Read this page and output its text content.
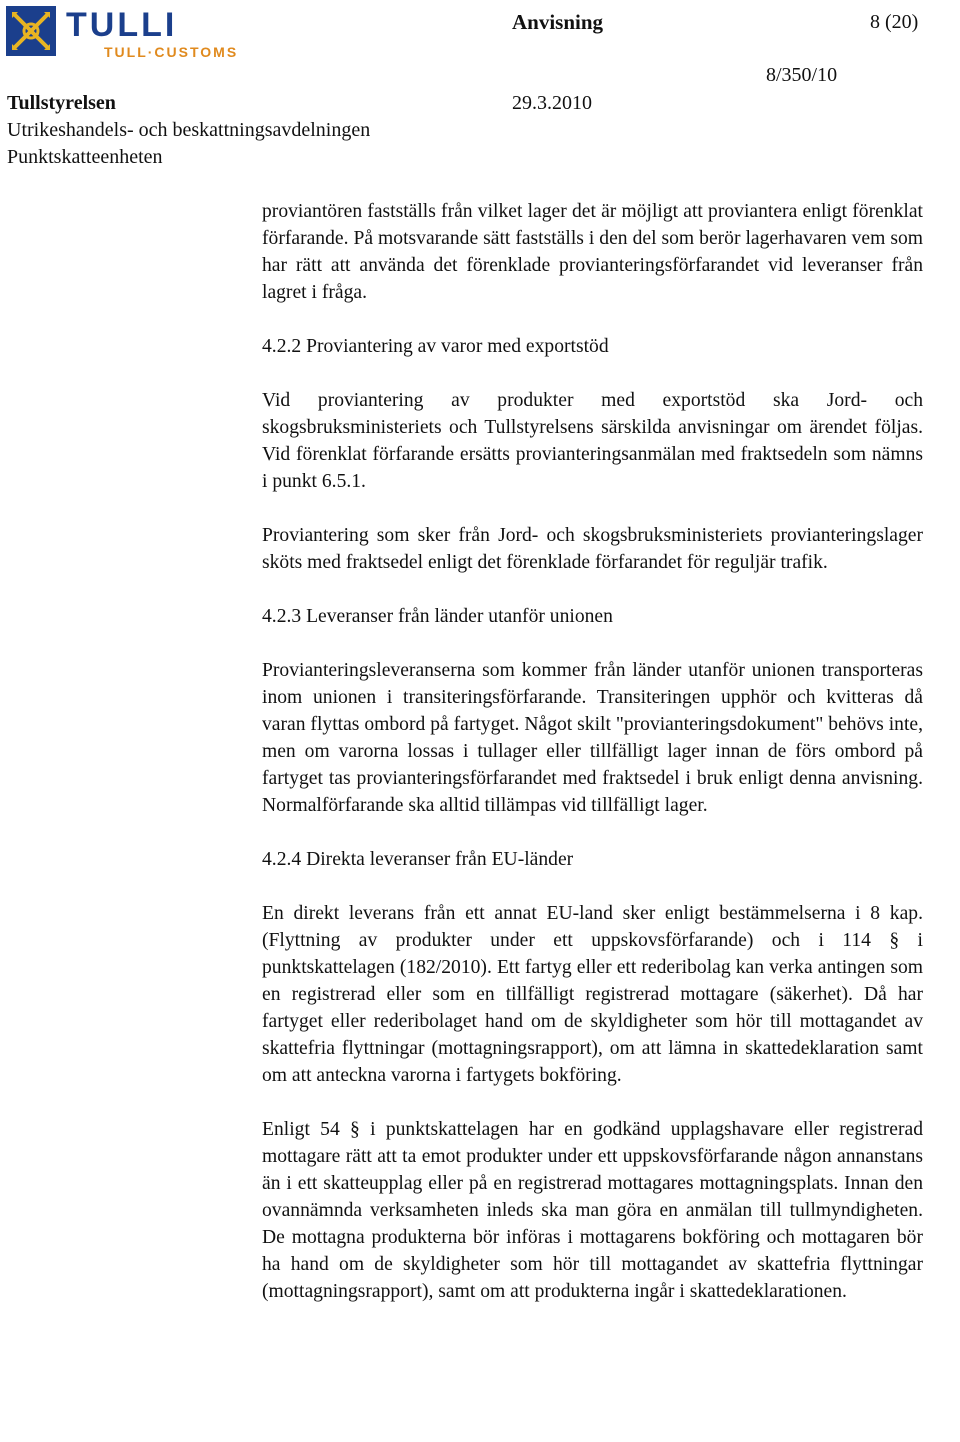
TULLI
TULL·CUSTOMS
Anvisning	8 (20)
8/350/10
Tullstyrelsen	29.3.2010
Utrikeshandels- och beskattningsavdelningen
Punktskatteenheten

proviantören fastställs från vilket lager det är möjligt att proviantera enligt förenklat förfarande. På motsvarande sätt fastställs i den del som berör lagerhavaren vem som har rätt att använda det förenklade provianteringsförfarandet vid leveranser från lagret i fråga.

4.2.2 Proviantering av varor med exportstöd

Vid proviantering av produkter med exportstöd ska Jord- och skogsbruksministeriets och Tullstyrelsens särskilda anvisningar om ärendet följas. Vid förenklat förfarande ersätts provianteringsanmälan med fraktsedeln som nämns i punkt 6.5.1.

Proviantering som sker från Jord- och skogsbruksministeriets provianteringslager sköts med fraktsedel enligt det förenklade förfarandet för reguljär trafik.

4.2.3 Leveranser från länder utanför unionen

Provianteringsleveranserna som kommer från länder utanför unionen transporteras inom unionen i transiteringsförfarande. Transiteringen upphör och kvitteras då varan flyttas ombord på fartyget. Något skilt "provianteringsdokument" behövs inte, men om varorna lossas i tullager eller tillfälligt lager innan de förs ombord på fartyget tas provianteringsförfarandet med fraktsedel i bruk enligt denna anvisning. Normalförfarande ska alltid tillämpas vid tillfälligt lager.

4.2.4 Direkta leveranser från EU-länder

En direkt leverans från ett annat EU-land sker enligt bestämmelserna i 8 kap. (Flyttning av produkter under ett uppskovsförfarande) och i 114 § i punktskattelagen (182/2010). Ett fartyg eller ett rederibolag kan verka antingen som en registrerad eller som en tillfälligt registrerad mottagare (säkerhet). Då har fartyget eller rederibolaget hand om de skyldigheter som hör till mottagandet av skattefria flyttningar (mottagningsrapport), om att lämna in skattedeklaration samt om att anteckna varorna i fartygets bokföring.

Enligt 54 § i punktskattelagen har en godkänd upplagshavare eller registrerad mottagare rätt att ta emot produkter under ett uppskovsförfarande någon annanstans än i ett skatteupplag eller på en registrerad mottagares mottagningsplats. Innan den ovannämnda verksamheten inleds ska man göra en anmälan till tullmyndigheten. De mottagna produkterna bör införas i mottagarens bokföring och mottagaren bör ha hand om de skyldigheter som hör till mottagandet av skattefria flyttningar (mottagningsrapport), samt om att produkterna ingår i skattedeklarationen.
